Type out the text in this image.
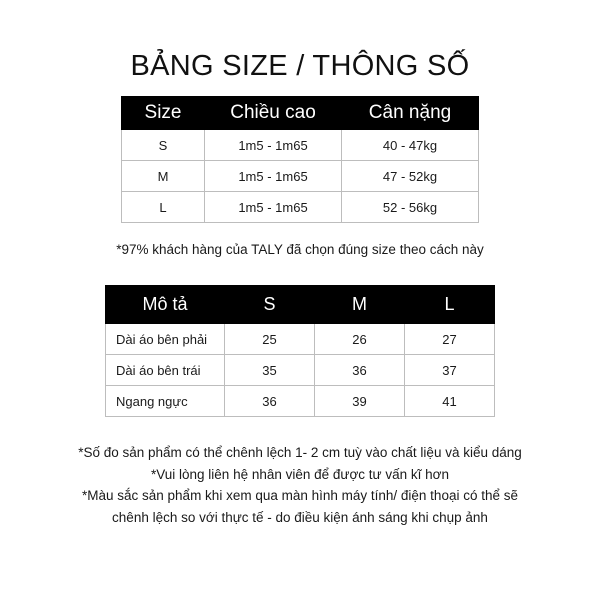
BẢNG SIZE / THÔNG SỐ
Size	Chiều cao	Cân nặng
S	1m5 - 1m65	40 - 47kg
M	1m5 - 1m65	47 - 52kg
L	1m5 - 1m65	52 - 56kg
*97% khách hàng của TALY đã chọn đúng size theo cách này
Mô tả	S	M	L
Dài áo bên phải	25	26	27
Dài áo bên trái	35	36	37
Ngang ngực	36	39	41
*Số đo sản phẩm có thể chênh lệch 1- 2 cm tuỳ vào chất liệu và kiểu dáng
*Vui lòng liên hệ nhân viên để được tư vấn kĩ hơn
*Màu sắc sản phẩm khi xem qua màn hình máy tính/ điện thoại có thể sẽ
chênh lệch so với thực tế - do điều kiện ánh sáng khi chụp ảnh
